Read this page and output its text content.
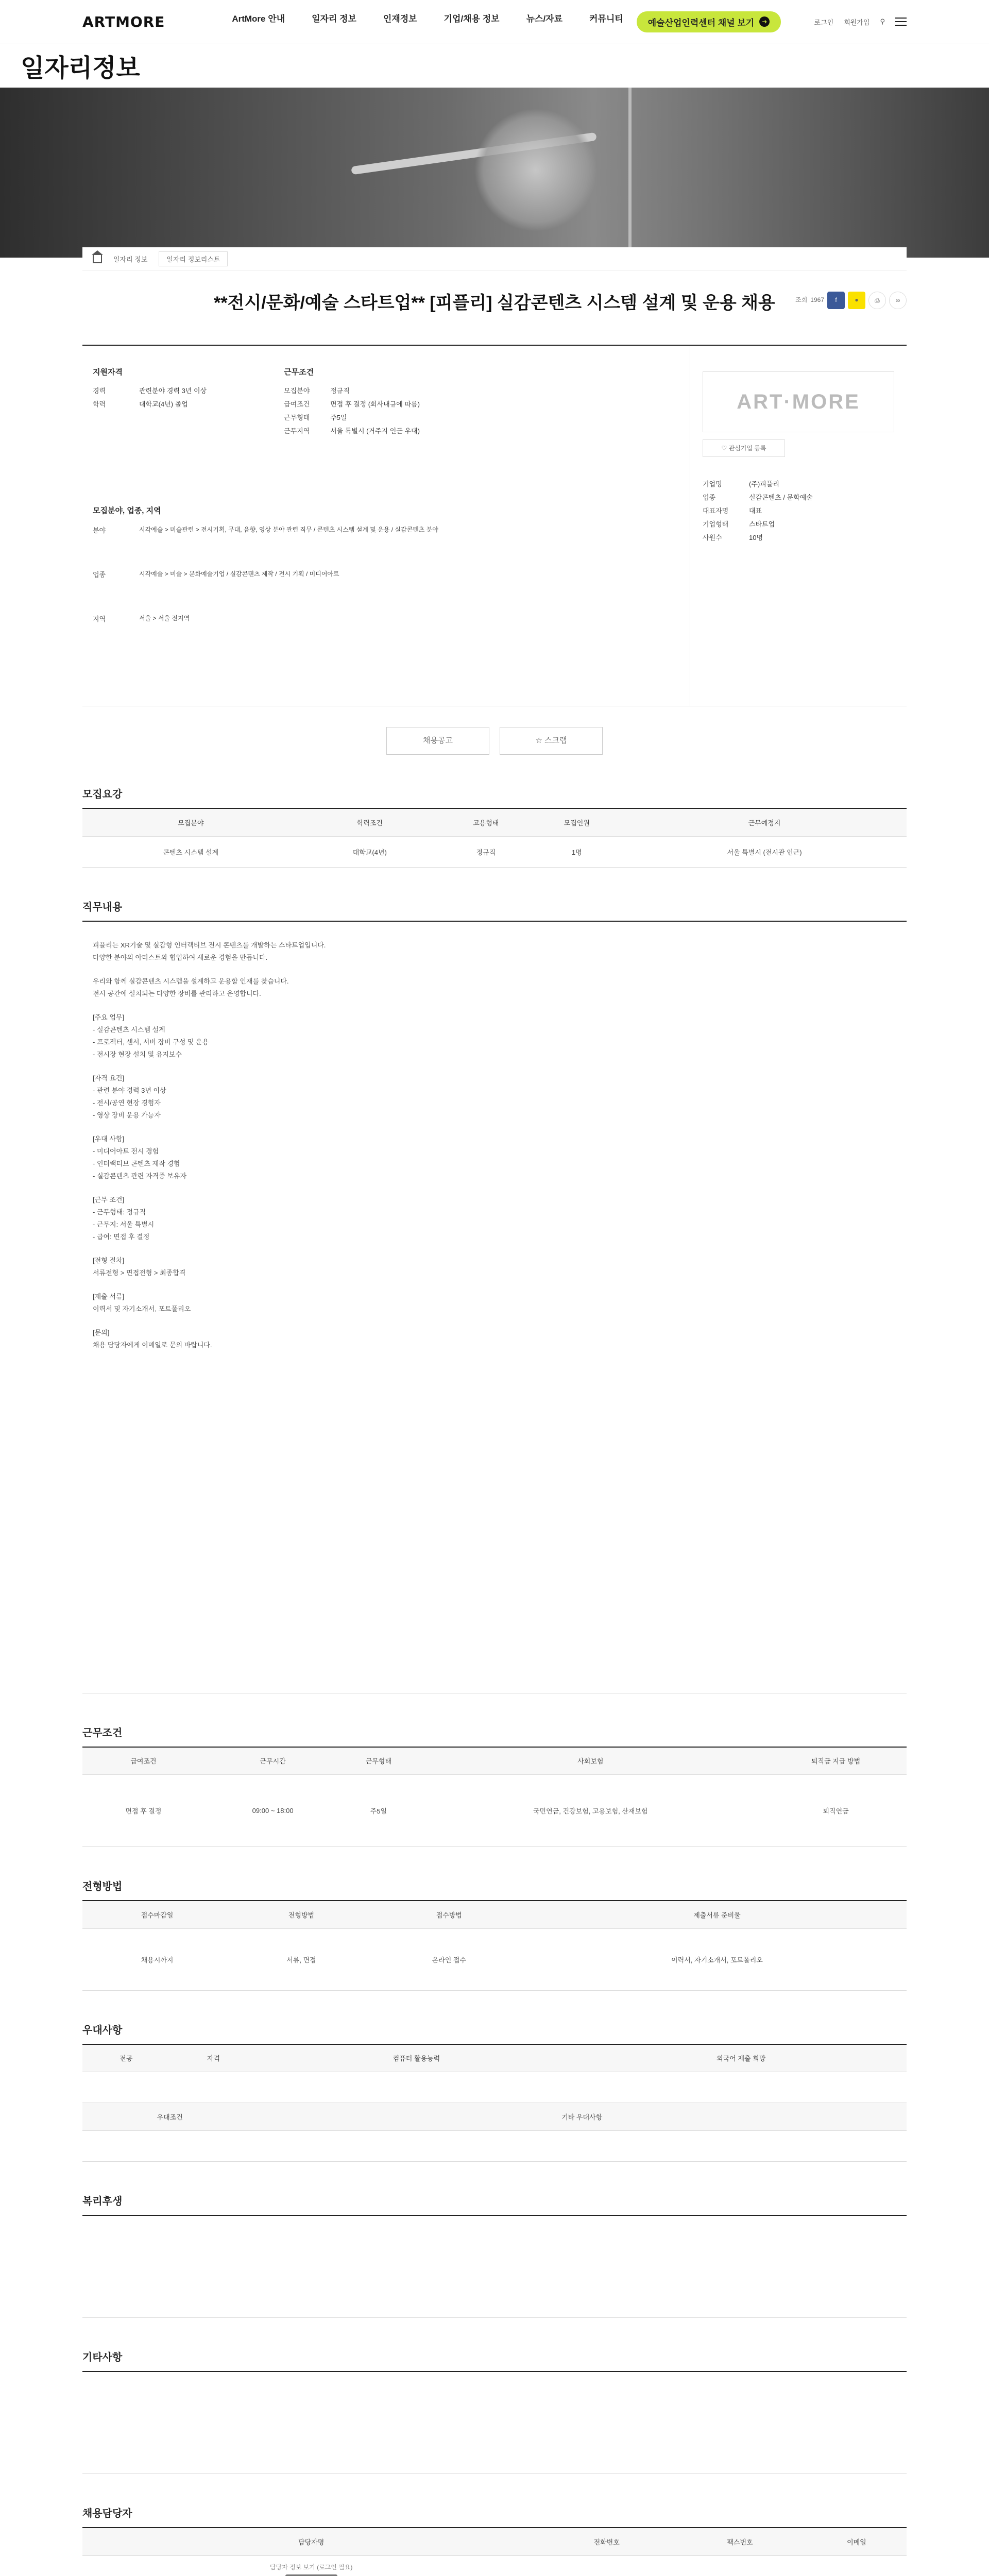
ARTMORE	ArtMore 안내	일자리 정보	인재정보	기업/채용 정보	뉴스/자료	커뮤니티	예술산업인력센터 채널 보기	➜	로그인 회원가입 ⚲
일자리정보
일자리 정보	일자리 정보리스트
**전시/문화/예술 스타트업** [피플리] 실감콘텐츠 시스템 설계 및 운용 채용	조회 1967	f	●	⎙	∞
지원자격
경력	관련분야 경력 3년 이상
학력	대학교(4년) 졸업
근무조건
모집분야	정규직
급여조건	면접 후 결정 (회사내규에 따름)
근무형태	주5일
근무지역	서울 특별시 (거주지 인근 우대)
모집분야, 업종, 지역
분야	시각예술 > 미술관련 > 전시기획, 무대, 음향, 영상 분야 관련 직무 / 콘텐츠 시스템 설계 및 운용 / 실감콘텐츠 분야
업종	시각예술 > 미술 > 문화예술기업 / 실감콘텐츠 제작 / 전시 기획 / 미디어아트
지역	서울 > 서울 전지역
ART·MORE
♡ 관심기업 등록
기업명	(주)피플리
업종	실감콘텐츠 / 문화예술
대표자명	대표
기업형태	스타트업
사원수	10명
채용공고	☆ 스크랩
모집요강
모집분야	학력조건	고용형태	모집인원	근무예정지
콘텐츠 시스템 설계	대학교(4년)	정규직	1명	서울 특별시 (전시관 인근)
직무내용

피플리는 XR기술 및 실감형 인터랙티브 전시 콘텐츠를 개발하는 스타트업입니다.
다양한 분야의 아티스트와 협업하여 새로운 경험을 만듭니다.

우리와 함께 실감콘텐츠 시스템을 설계하고 운용할 인재를 찾습니다.
전시 공간에 설치되는 다양한 장비를 관리하고 운영합니다.

[주요 업무]
- 실감콘텐츠 시스템 설계
- 프로젝터, 센서, 서버 장비 구성 및 운용
- 전시장 현장 설치 및 유지보수

[자격 요건]
- 관련 분야 경력 3년 이상
- 전시/공연 현장 경험자
- 영상 장비 운용 가능자

[우대 사항]
- 미디어아트 전시 경험
- 인터랙티브 콘텐츠 제작 경험
- 실감콘텐츠 관련 자격증 보유자

[근무 조건]
- 근무형태: 정규직
- 근무지: 서울 특별시
- 급여: 면접 후 결정

[전형 절차]
서류전형 > 면접전형 > 최종합격

[제출 서류]
이력서 및 자기소개서, 포트폴리오

[문의]
채용 담당자에게 이메일로 문의 바랍니다.

근무조건
급여조건	근무시간	근무형태	사회보험	퇴직금 지급 방법
면접 후 결정	09:00 ~ 18:00	주5일	국민연금, 건강보험, 고용보험, 산재보험	퇴직연금
전형방법
접수마감일	전형방법	접수방법	제출서류 준비물
채용시까지	서류, 면접	온라인 접수	이력서, 자기소개서, 포트폴리오
우대사항
전공	자격	컴퓨터 활용능력	외국어 제출 희망

우대조건		기타 우대사항	

복리후생
기타사항
채용담당자
담당자명	전화번호	팩스번호	이메일

담당자 정보 보기 (로그인 필요)			
